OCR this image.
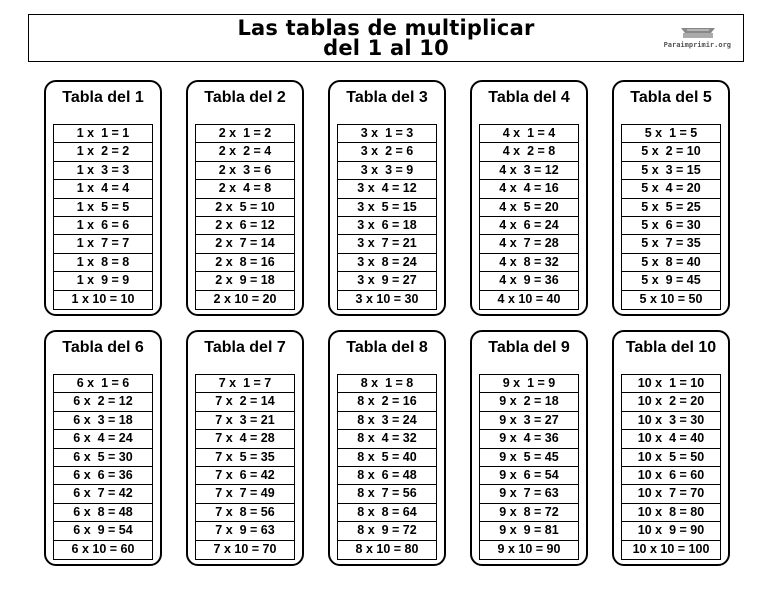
Las tablas de multiplicar
del 1 al 10	Paraimprimir.org
Tabla del 1
1 x  1 = 1
1 x  2 = 2
1 x  3 = 3
1 x  4 = 4
1 x  5 = 5
1 x  6 = 6
1 x  7 = 7
1 x  8 = 8
1 x  9 = 9
1 x 10 = 10
Tabla del 2
2 x  1 = 2
2 x  2 = 4
2 x  3 = 6
2 x  4 = 8
2 x  5 = 10
2 x  6 = 12
2 x  7 = 14
2 x  8 = 16
2 x  9 = 18
2 x 10 = 20
Tabla del 3
3 x  1 = 3
3 x  2 = 6
3 x  3 = 9
3 x  4 = 12
3 x  5 = 15
3 x  6 = 18
3 x  7 = 21
3 x  8 = 24
3 x  9 = 27
3 x 10 = 30
Tabla del 4
4 x  1 = 4
4 x  2 = 8
4 x  3 = 12
4 x  4 = 16
4 x  5 = 20
4 x  6 = 24
4 x  7 = 28
4 x  8 = 32
4 x  9 = 36
4 x 10 = 40
Tabla del 5
5 x  1 = 5
5 x  2 = 10
5 x  3 = 15
5 x  4 = 20
5 x  5 = 25
5 x  6 = 30
5 x  7 = 35
5 x  8 = 40
5 x  9 = 45
5 x 10 = 50
Tabla del 6
6 x  1 = 6
6 x  2 = 12
6 x  3 = 18
6 x  4 = 24
6 x  5 = 30
6 x  6 = 36
6 x  7 = 42
6 x  8 = 48
6 x  9 = 54
6 x 10 = 60
Tabla del 7
7 x  1 = 7
7 x  2 = 14
7 x  3 = 21
7 x  4 = 28
7 x  5 = 35
7 x  6 = 42
7 x  7 = 49
7 x  8 = 56
7 x  9 = 63
7 x 10 = 70
Tabla del 8
8 x  1 = 8
8 x  2 = 16
8 x  3 = 24
8 x  4 = 32
8 x  5 = 40
8 x  6 = 48
8 x  7 = 56
8 x  8 = 64
8 x  9 = 72
8 x 10 = 80
Tabla del 9
9 x  1 = 9
9 x  2 = 18
9 x  3 = 27
9 x  4 = 36
9 x  5 = 45
9 x  6 = 54
9 x  7 = 63
9 x  8 = 72
9 x  9 = 81
9 x 10 = 90
Tabla del 10
10 x  1 = 10
10 x  2 = 20
10 x  3 = 30
10 x  4 = 40
10 x  5 = 50
10 x  6 = 60
10 x  7 = 70
10 x  8 = 80
10 x  9 = 90
10 x 10 = 100
